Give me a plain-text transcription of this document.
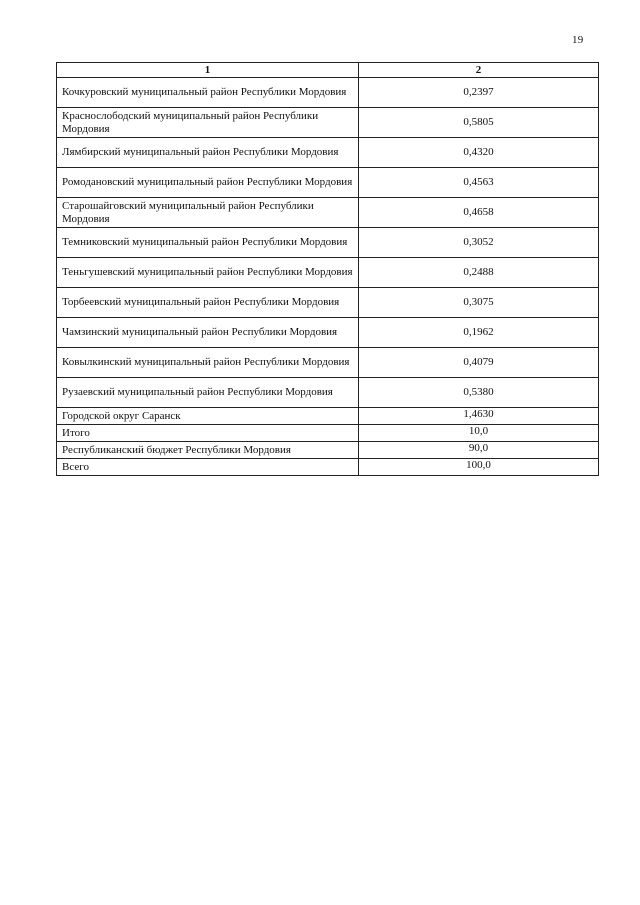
19
1	2
Кочкуровский муниципальный район Республики Мордовия	0,2397
Краснослободский муниципальный район Республики Мордовия	0,5805
Лямбирский муниципальный район Республики Мордовия	0,4320
Ромодановский муниципальный район Республики Мордовия	0,4563
Старошайговский муниципальный район Республики Мордовия	0,4658
Темниковский муниципальный район Республики Мордовия	0,3052
Теньгушевский муниципальный район Республики Мордовия	0,2488
Торбеевский муниципальный район Республики Мордовия	0,3075
Чамзинский муниципальный район Республики Мордовия	0,1962
Ковылкинский муниципальный район Республики Мордовия	0,4079
Рузаевский муниципальный район Республики Мордовия	0,5380
Городской округ Саранск	1,4630
Итого	10,0
Республиканский бюджет Республики Мордовия	90,0
Всего	100,0
